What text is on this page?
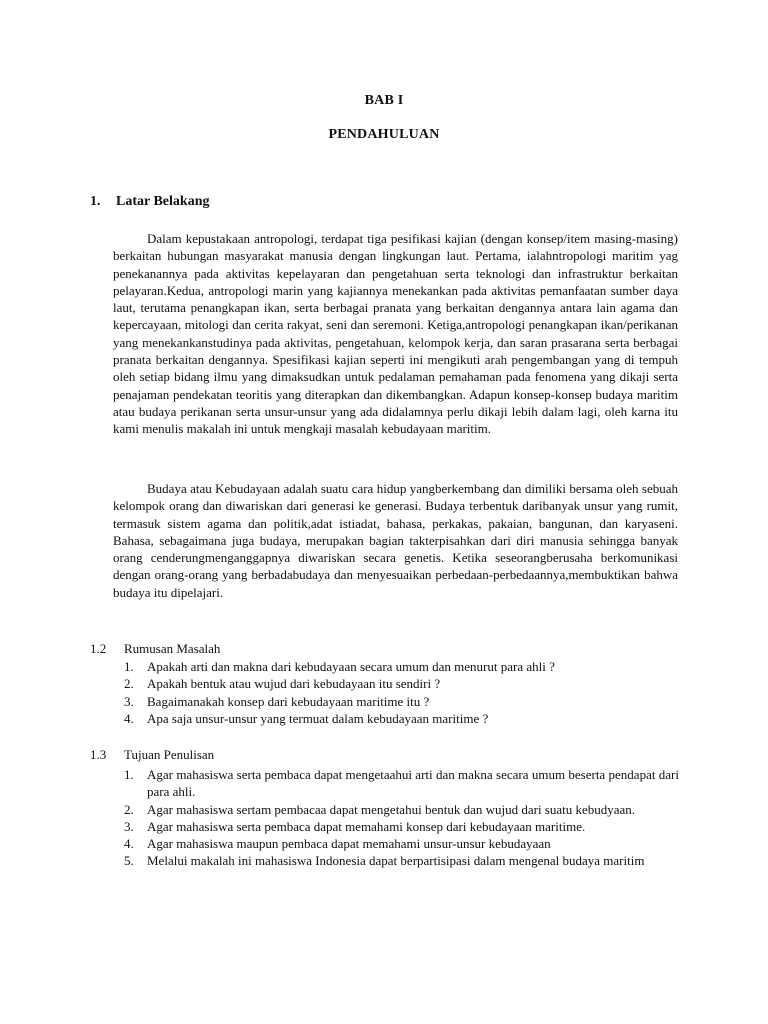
BAB I
PENDAHULUAN
1. Latar Belakang

Dalam kepustakaan antropologi, terdapat tiga pesifikasi kajian (dengan konsep/item masing-masing) berkaitan hubungan masyarakat manusia dengan lingkungan laut. Pertama, ialahntropologi maritim yag penekanannya pada aktivitas kepelayaran dan pengetahuan serta teknologi dan infrastruktur berkaitan pelayaran.Kedua, antropologi marin yang kajiannya menekankan pada aktivitas pemanfaatan sumber daya laut, terutama penangkapan ikan, serta berbagai pranata yang berkaitan dengannya antara lain agama dan kepercayaan, mitologi dan cerita rakyat, seni dan seremoni. Ketiga,antropologi penangkapan ikan/perikanan yang menekankanstudinya pada aktivitas, pengetahuan, kelompok kerja, dan saran prasarana serta berbagai pranata berkaitan dengannya. Spesifikasi kajian seperti ini mengikuti arah pengembangan yang di tempuh oleh setiap bidang ilmu yang dimaksudkan untuk pedalaman pemahaman pada fenomena yang dikaji serta penajaman pendekatan teoritis yang diterapkan dan dikembangkan. Adapun konsep-konsep budaya maritim atau budaya perikanan serta unsur-unsur yang ada didalamnya perlu dikaji lebih dalam lagi, oleh karna itu kami menulis makalah ini untuk mengkaji masalah kebudayaan maritim.

Budaya atau Kebudayaan adalah suatu cara hidup yangberkembang dan dimiliki bersama oleh sebuah kelompok orang dan diwariskan dari generasi ke generasi. Budaya terbentuk daribanyak unsur yang rumit, termasuk sistem agama dan politik,adat istiadat, bahasa, perkakas, pakaian, bangunan, dan karyaseni. Bahasa, sebagaimana juga budaya, merupakan bagian takterpisahkan dari diri manusia sehingga banyak orang cenderungmenganggapnya diwariskan secara genetis. Ketika seseorangberusaha berkomunikasi dengan orang-orang yang berbadabudaya dan menyesuaikan perbedaan-perbedaannya,membuktikan bahwa budaya itu dipelajari.

1.2 Rumusan Masalah
1. Apakah arti dan makna dari kebudayaan secara umum dan menurut para ahli ?
2. Apakah bentuk atau wujud dari kebudayaan itu sendiri ?
3. Bagaimanakah konsep dari kebudayaan maritime itu ?
4. Apa saja unsur-unsur yang termuat dalam kebudayaan maritime ?
1.3 Tujuan Penulisan
1. Agar mahasiswa serta pembaca dapat mengetaahui arti dan makna secara umum beserta pendapat dari para ahli.
2. Agar mahasiswa sertam pembacaa dapat mengetahui bentuk dan wujud dari suatu kebudyaan.
3. Agar mahasiswa serta pembaca dapat memahami konsep dari kebudayaan maritime.
4. Agar mahasiswa maupun pembaca dapat memahami unsur-unsur kebudayaan
5. Melalui makalah ini mahasiswa Indonesia dapat berpartisipasi dalam mengenal budaya maritim
